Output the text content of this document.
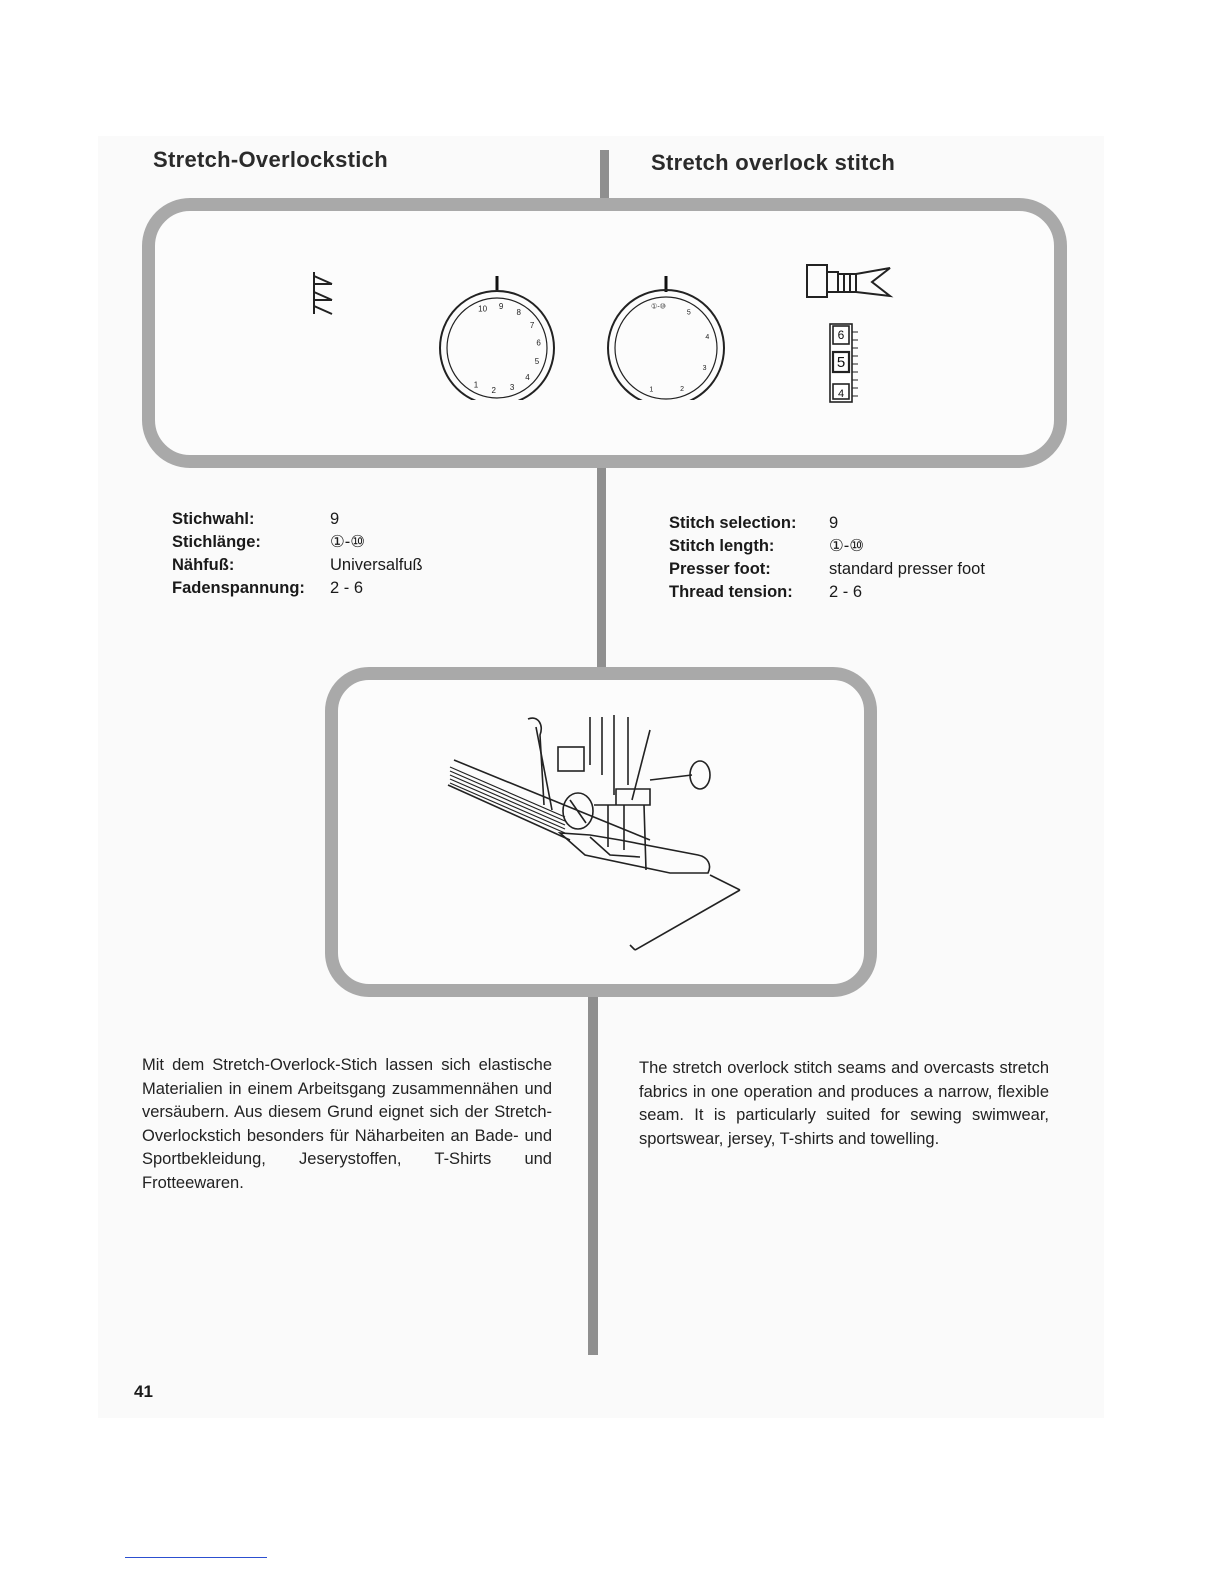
Stretch-Overlockstich	Stretch overlock stitch
10 9
8
7
6
5
4
3
2
1
①-⑩
5
4
3
2
1
6
5
4
Stichwahl:	9
Stichlänge:	①-⑩
Nähfuß:	Universalfuß
Fadenspannung:	2 - 6
Stitch selection:	9
Stitch length:	①-⑩
Presser foot:	standard presser foot
Thread tension:	2 - 6
Mit dem Stretch-Overlock-Stich lassen sich elastische Materialien in einem Arbeitsgang zusammennähen und versäubern. Aus diesem Grund eignet sich der Stretch-Overlockstich besonders für Näharbeiten an Bade- und Sportbekleidung, Jeserystoffen, T-Shirts und Frotteewaren.
The stretch overlock stitch seams and overcasts stretch fabrics in one operation and produces a narrow, flexible seam. It is particularly suited for sewing swimwear, sportswear, jersey, T-shirts and towelling.
41
